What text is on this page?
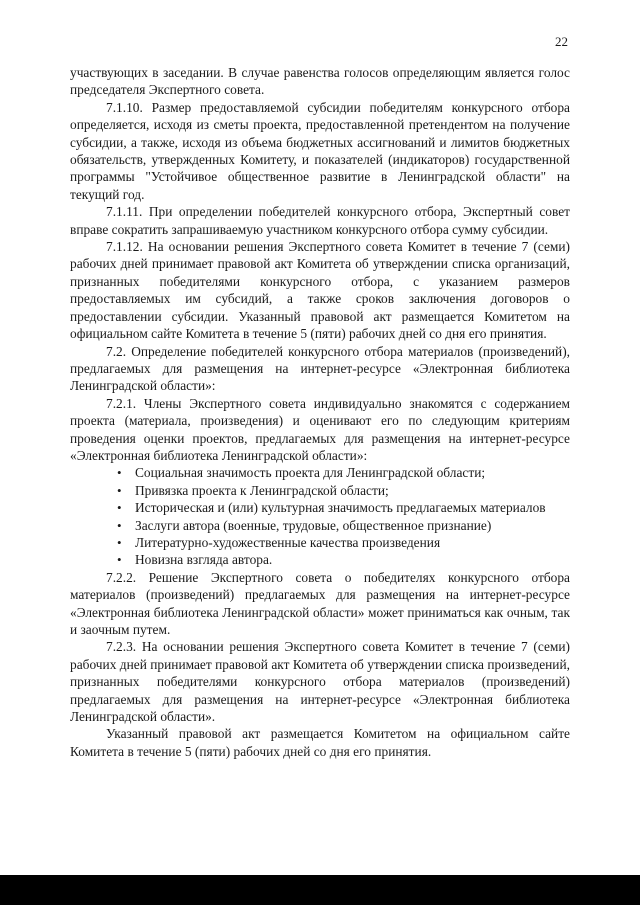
22

участвующих в заседании. В случае равенства голосов определяющим является голос председателя Экспертного совета.

7.1.10. Размер предоставляемой субсидии победителям конкурсного отбора определяется, исходя из сметы проекта, предоставленной претендентом на получение субсидии, а также, исходя из объема бюджетных ассигнований и лимитов бюджетных обязательств, утвержденных Комитету, и показателей (индикаторов) государственной программы "Устойчивое общественное развитие в Ленинградской области" на текущий год.

7.1.11. При определении победителей конкурсного отбора, Экспертный совет вправе сократить запрашиваемую участником конкурсного отбора сумму субсидии.

7.1.12. На основании решения Экспертного совета Комитет в течение 7 (семи) рабочих дней принимает правовой акт Комитета об утверждении списка организаций, признанных победителями конкурсного отбора, с указанием размеров предоставляемых им субсидий, а также сроков заключения договоров о предоставлении субсидии. Указанный правовой акт размещается Комитетом на официальном сайте Комитета в течение 5 (пяти) рабочих дней со дня его принятия.

7.2. Определение победителей конкурсного отбора материалов (произведений), предлагаемых для размещения на интернет-ресурсе «Электронная библиотека Ленинградской области»:

7.2.1. Члены Экспертного совета индивидуально знакомятся с содержанием проекта (материала, произведения) и оценивают его по следующим критериям проведения оценки проектов, предлагаемых для размещения на интернет-ресурсе «Электронная библиотека Ленинградской области»:

• Социальная значимость проекта для Ленинградской области;
• Привязка проекта к Ленинградской области;
• Историческая и (или) культурная значимость предлагаемых материалов
• Заслуги автора (военные, трудовые, общественное признание)
• Литературно-художественные качества произведения
• Новизна взгляда автора.

7.2.2. Решение Экспертного совета о победителях конкурсного отбора материалов (произведений) предлагаемых для размещения на интернет-ресурсе «Электронная библиотека Ленинградской области» может приниматься как очным, так и заочным путем.

7.2.3. На основании решения Экспертного совета Комитет в течение 7 (семи) рабочих дней принимает правовой акт Комитета об утверждении списка произведений, признанных победителями конкурсного отбора материалов (произведений) предлагаемых для размещения на интернет-ресурсе «Электронная библиотека Ленинградской области».

Указанный правовой акт размещается Комитетом на официальном сайте Комитета в течение 5 (пяти) рабочих дней со дня его принятия.
